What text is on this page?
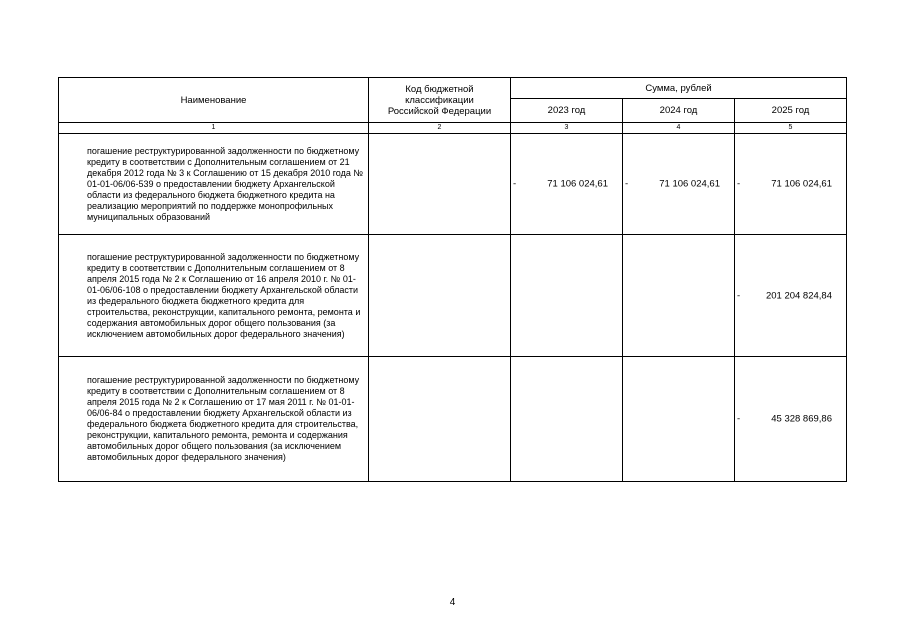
Наименование	Код бюджетной классификации Российской Федерации	Сумма, рублей		
		2023 год	2024 год	2025 год
1	2	3	4	5
погашение реструктурированной задолженности по бюджетному кредиту в соответствии с Дополнительным соглашением от 21 декабря 2012 года № 3 к Соглашению от 15 декабря 2010 года № 01-01-06/06-539 о предоставлении бюджету Архангельской области из федерального бюджета бюджетного кредита на реализацию мероприятий по поддержке монопрофильных муниципальных образований		- 71 106 024,61	- 71 106 024,61	- 71 106 024,61

погашение реструктурированной задолженности по бюджетному кредиту в соответствии с Дополнительным соглашением от 8 апреля 2015 года № 2 к Соглашению от 16 апреля 2010 г. № 01-01-06/06-108 о предоставлении бюджету Архангельской области из федерального бюджета бюджетного кредита для строительства, реконструкции, капитального ремонта, ремонта и содержания автомобильных дорог общего пользования (за исключением автомобильных дорог федерального значения)				- 201 204 824,84

погашение реструктурированной задолженности по бюджетному кредиту в соответствии с Дополнительным соглашением от 8 апреля 2015 года № 2 к Соглашению от 17 мая 2011 г. № 01-01-06/06-84 о предоставлении бюджету Архангельской области из федерального бюджета бюджетного кредита для строительства, реконструкции, капитального ремонта, ремонта и содержания автомобильных дорог общего пользования (за исключением автомобильных дорог федерального значения)				- 45 328 869,86
4
